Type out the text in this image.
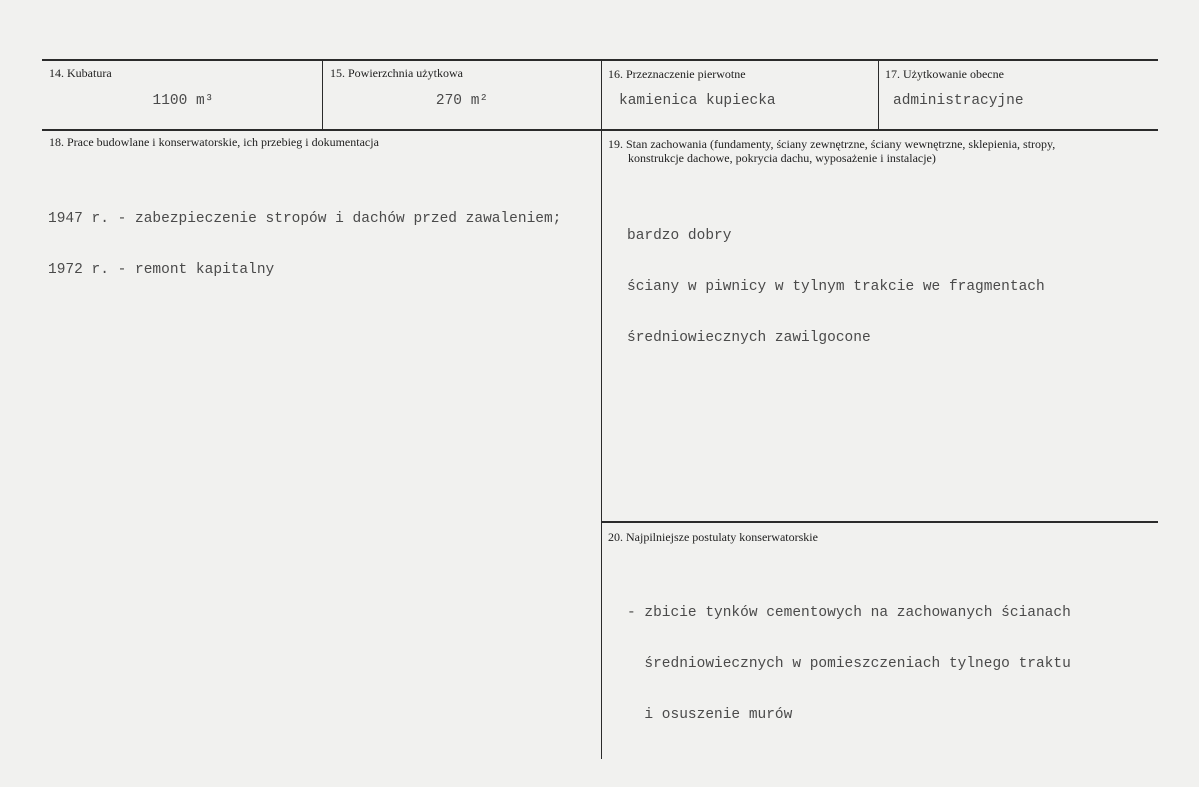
14. Kubatura
1100 m³
15. Powierzchnia użytkowa
270 m²
16. Przeznaczenie pierwotne
kamienica kupiecka
17. Użytkowanie obecne
administracyjne
18. Prace budowlane i konserwatorskie, ich przebieg i dokumentacja

1947 r. - zabezpieczenie stropów i dachów przed zawaleniem;

1972 r. - remont kapitalny

19. Stan zachowania (fundamenty, ściany zewnętrzne, ściany wewnętrzne, sklepienia, stropy,
konstrukcje dachowe, pokrycia dachu, wyposażenie i instalacje)

bardzo dobry

ściany w piwnicy w tylnym trakcie we fragmentach

średniowiecznych zawilgocone

20. Najpilniejsze postulaty konserwatorskie

- zbicie tynków cementowych na zachowanych ścianach

średniowiecznych w pomieszczeniach tylnego traktu

i osuszenie murów
